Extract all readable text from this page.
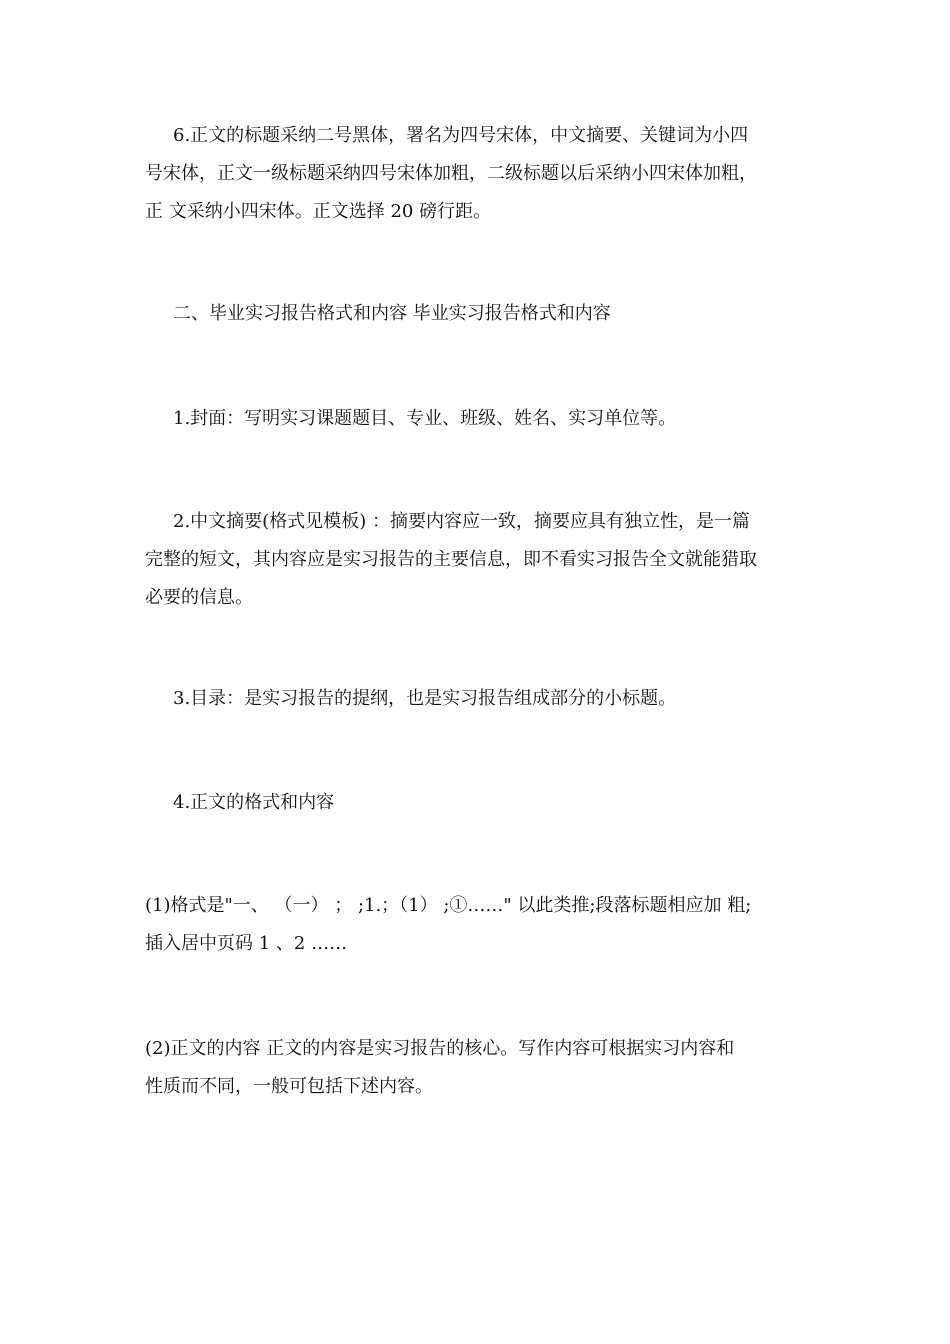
6.正文的标题采纳二号黑体，署名为四号宋体，中文摘要、关键词为小四
号宋体，正文一级标题采纳四号宋体加粗，二级标题以后采纳小四宋体加粗，
正 文采纳小四宋体。正文选择 20 磅行距。
二、毕业实习报告格式和内容 毕业实习报告格式和内容
1.封面：写明实习课题题目、专业、班级、姓名、实习单位等。
2.中文摘要(格式见模板) ：摘要内容应一致，摘要应具有独立性，是一篇
完整的短文，其内容应是实习报告的主要信息，即不看实习报告全文就能猎取
必要的信息。
3.目录：是实习报告的提纲，也是实习报告组成部分的小标题。
4.正文的格式和内容
(1)格式是"一、 （一） ； ;1.；（1） ;①……" 以此类推;段落标题相应加 粗;
插入居中页码 1 、2 ……
(2)正文的内容 正文的内容是实习报告的核心。写作内容可根据实习内容和
性质而不同，一般可包括下述内容。
